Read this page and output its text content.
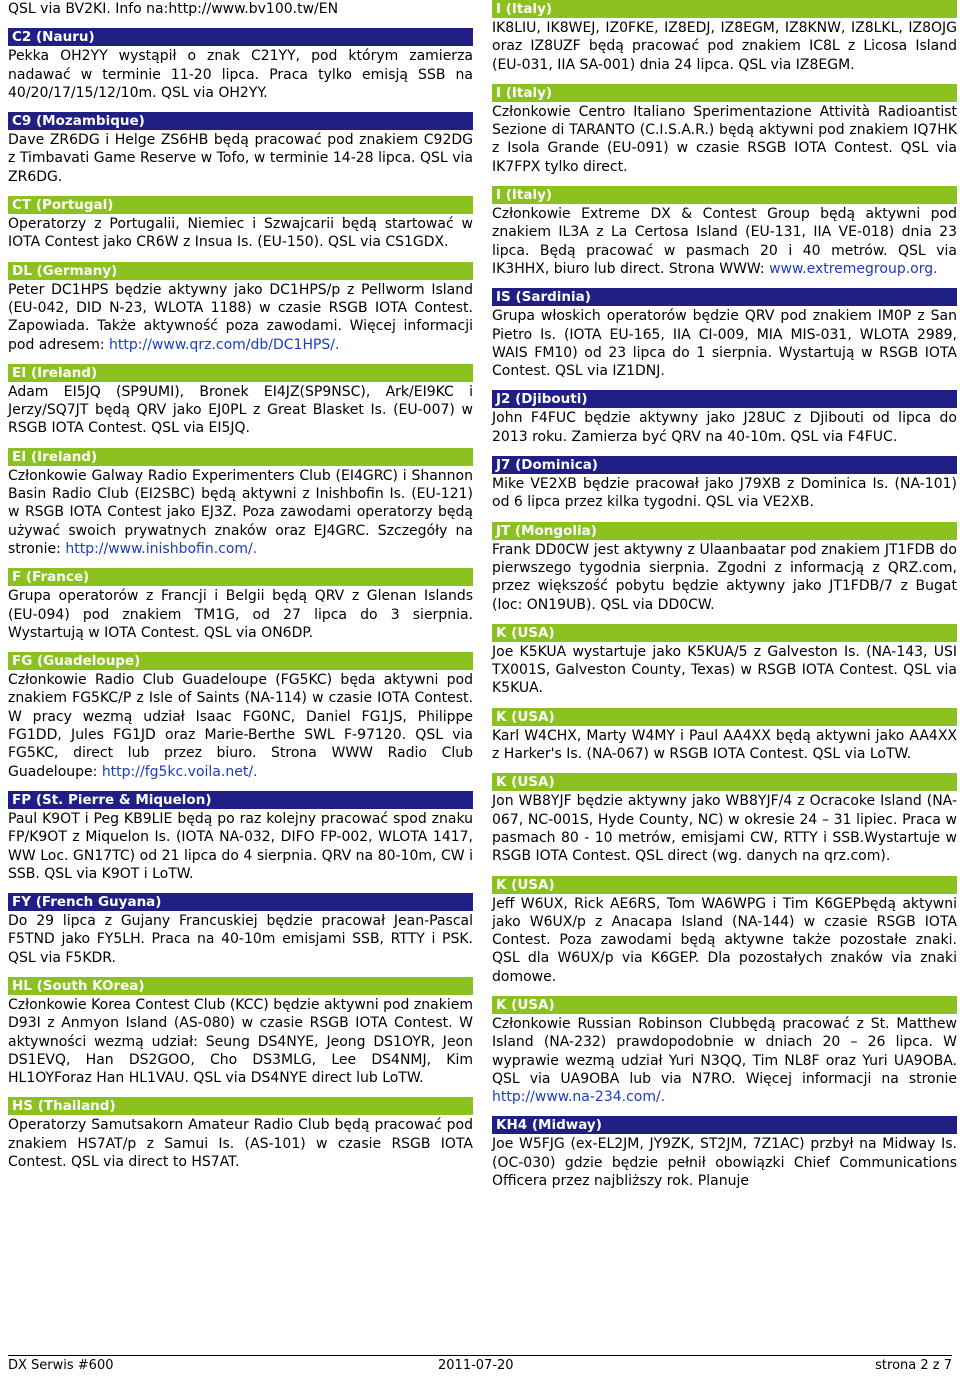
QSL via BV2KI. Info na:http://www.bv100.tw/EN

C2 (Nauru)

Pekka OH2YY wystąpił o znak C21YY, pod którym zamierza nadawać w terminie 11-20 lipca. Praca tylko emisją SSB na 40/20/17/15/12/10m. QSL via OH2YY.

C9 (Mozambique)

Dave ZR6DG i Helge ZS6HB będą pracować pod znakiem C92DG z Timbavati Game Reserve w Tofo, w terminie 14-28 lipca. QSL via ZR6DG.

CT (Portugal)

Operatorzy z Portugalii, Niemiec i Szwajcarii będą startować w IOTA Contest jako CR6W z Insua Is. (EU-150). QSL via CS1GDX.

DL (Germany)

Peter DC1HPS będzie aktywny jako DC1HPS/p z Pellworm Island (EU-042, DID N-23, WLOTA 1188) w czasie RSGB IOTA Contest. Zapowiada. Także aktywność poza zawodami. Więcej informacji pod adresem: http://www.qrz.com/db/DC1HPS/.

EI (Ireland)

Adam EI5JQ (SP9UMI), Bronek EI4JZ(SP9NSC), Ark/EI9KC i Jerzy/SQ7JT będą QRV jako EJ0PL z Great Blasket Is. (EU-007) w RSGB IOTA Contest. QSL via EI5JQ.

EI (Ireland)

Członkowie Galway Radio Experimenters Club (EI4GRC) i Shannon Basin Radio Club (EI2SBC) będą aktywni z Inishbofin Is. (EU-121) w RSGB IOTA Contest jako EJ3Z. Poza zawodami operatorzy będą używać swoich prywatnych znaków oraz EJ4GRC. Szczegóły na stronie: http://www.inishbofin.com/.

F (France)

Grupa operatorów z Francji i Belgii będą QRV z Glenan Islands (EU-094) pod znakiem TM1G, od 27 lipca do 3 sierpnia. Wystartują w IOTA Contest. QSL via ON6DP.

FG (Guadeloupe)

Członkowie Radio Club Guadeloupe (FG5KC) będa aktywni pod znakiem FG5KC/P z Isle of Saints (NA-114) w czasie IOTA Contest. W pracy wezmą udział Isaac FG0NC, Daniel FG1JS, Philippe FG1DD, Jules FG1JD oraz Marie-Berthe SWL F-97120. QSL via FG5KC, direct lub przez biuro. Strona WWW Radio Club Guadeloupe: http://fg5kc.voila.net/.

FP (St. Pierre & Miquelon)

Paul K9OT i Peg KB9LIE będą po raz kolejny pracować spod znaku FP/K9OT z Miquelon Is. (IOTA NA-032, DIFO FP-002, WLOTA 1417, WW Loc. GN17TC) od 21 lipca do 4 sierpnia. QRV na 80-10m, CW i SSB. QSL via K9OT i LoTW.

FY (French Guyana)

Do 29 lipca z Gujany Francuskiej będzie pracował Jean-Pascal F5TND jako FY5LH. Praca na 40-10m emisjami SSB, RTTY i PSK. QSL via F5KDR.

HL (South KOrea)

Członkowie Korea Contest Club (KCC) będzie aktywni pod znakiem D93I z Anmyon Island (AS-080) w czasie RSGB IOTA Contest. W aktywności wezmą udział: Seung DS4NYE, Jeong DS1OYR, Jeon DS1EVQ, Han DS2GOO, Cho DS3MLG, Lee DS4NMJ, Kim HL1OYForaz Han HL1VAU. QSL via DS4NYE direct lub LoTW.

HS (Thailand)

Operatorzy Samutsakorn Amateur Radio Club będą pracować pod znakiem HS7AT/p z Samui Is. (AS-101) w czasie RSGB IOTA Contest. QSL via direct to HS7AT.

I (Italy)

IK8LIU, IK8WEJ, IZ0FKE, IZ8EDJ, IZ8EGM, IZ8KNW, IZ8LKL, IZ8OJG oraz IZ8UZF będą pracować pod znakiem IC8L z Licosa Island (EU-031, IIA SA-001) dnia 24 lipca. QSL via IZ8EGM.

I (Italy)

Członkowie Centro Italiano Sperimentazione Attività Radioantist Sezione di TARANTO (C.I.S.A.R.) będą aktywni pod znakiem IQ7HK z Isola Grande (EU-091) w czasie RSGB IOTA Contest. QSL via IK7FPX tylko direct.

I (Italy)

Członkowie Extreme DX & Contest Group będą aktywni pod znakiem IL3A z La Certosa Island (EU-131, IIA VE-018) dnia 23 lipca. Będą pracować w pasmach 20 i 40 metrów. QSL via IK3HHX, biuro lub direct. Strona WWW: www.extremegroup.org.

IS (Sardinia)

Grupa włoskich operatorów będzie QRV pod znakiem IM0P z San Pietro Is. (IOTA EU-165, IIA CI-009, MIA MIS-031, WLOTA 2989, WAIS FM10) od 23 lipca do 1 sierpnia. Wystartują w RSGB IOTA Contest. QSL via IZ1DNJ.

J2 (Djibouti)

John F4FUC będzie aktywny jako J28UC z Djibouti od lipca do 2013 roku. Zamierza być QRV na 40-10m. QSL via F4FUC.

J7 (Dominica)

Mike VE2XB będzie pracował jako J79XB z Dominica Is. (NA-101) od 6 lipca przez kilka tygodni. QSL via VE2XB.

JT (Mongolia)

Frank DD0CW jest aktywny z Ulaanbaatar pod znakiem JT1FDB do pierwszego tygodnia sierpnia. Zgodni z informacją z QRZ.com, przez większość pobytu będzie aktywny jako JT1FDB/7 z Bugat (loc: ON19UB). QSL via DD0CW.

K (USA)

Joe K5KUA wystartuje jako K5KUA/5 z Galveston Is. (NA-143, USI TX001S, Galveston County, Texas) w RSGB IOTA Contest. QSL via K5KUA.

K (USA)

Karl W4CHX, Marty W4MY i Paul AA4XX będą aktywni jako AA4XX z Harker's Is. (NA-067) w RSGB IOTA Contest. QSL via LoTW.

K (USA)

Jon WB8YJF będzie aktywny jako WB8YJF/4 z Ocracoke Island (NA-067, NC-001S, Hyde County, NC) w okresie 24 – 31 lipiec. Praca w pasmach 80 - 10 metrów, emisjami CW, RTTY i SSB.Wystartuje w RSGB IOTA Contest. QSL direct (wg. danych na qrz.com).

K (USA)

Jeff W6UX, Rick AE6RS, Tom WA6WPG i Tim K6GEPbędą aktywni jako W6UX/p z Anacapa Island (NA-144) w czasie RSGB IOTA Contest. Poza zawodami będą aktywne także pozostałe znaki. QSL dla W6UX/p via K6GEP. Dla pozostałych znaków via znaki domowe.

K (USA)

Członkowie Russian Robinson Clubbędą pracować z St. Matthew Island (NA-232) prawdopodobnie w dniach 20 – 26 lipca. W wyprawie wezmą udział Yuri N3QQ, Tim NL8F oraz Yuri UA9OBA. QSL via UA9OBA lub via N7RO. Więcej informacji na stronie http://www.na-234.com/.

KH4 (Midway)

Joe W5FJG (ex-EL2JM, JY9ZK, ST2JM, 7Z1AC) przbył na Midway Is. (OC-030) gdzie będzie pełnił obowiązki Chief Communications Officera przez najbliższy rok. Planuje

DX Serwis #600	2011-07-20	strona 2 z 7
